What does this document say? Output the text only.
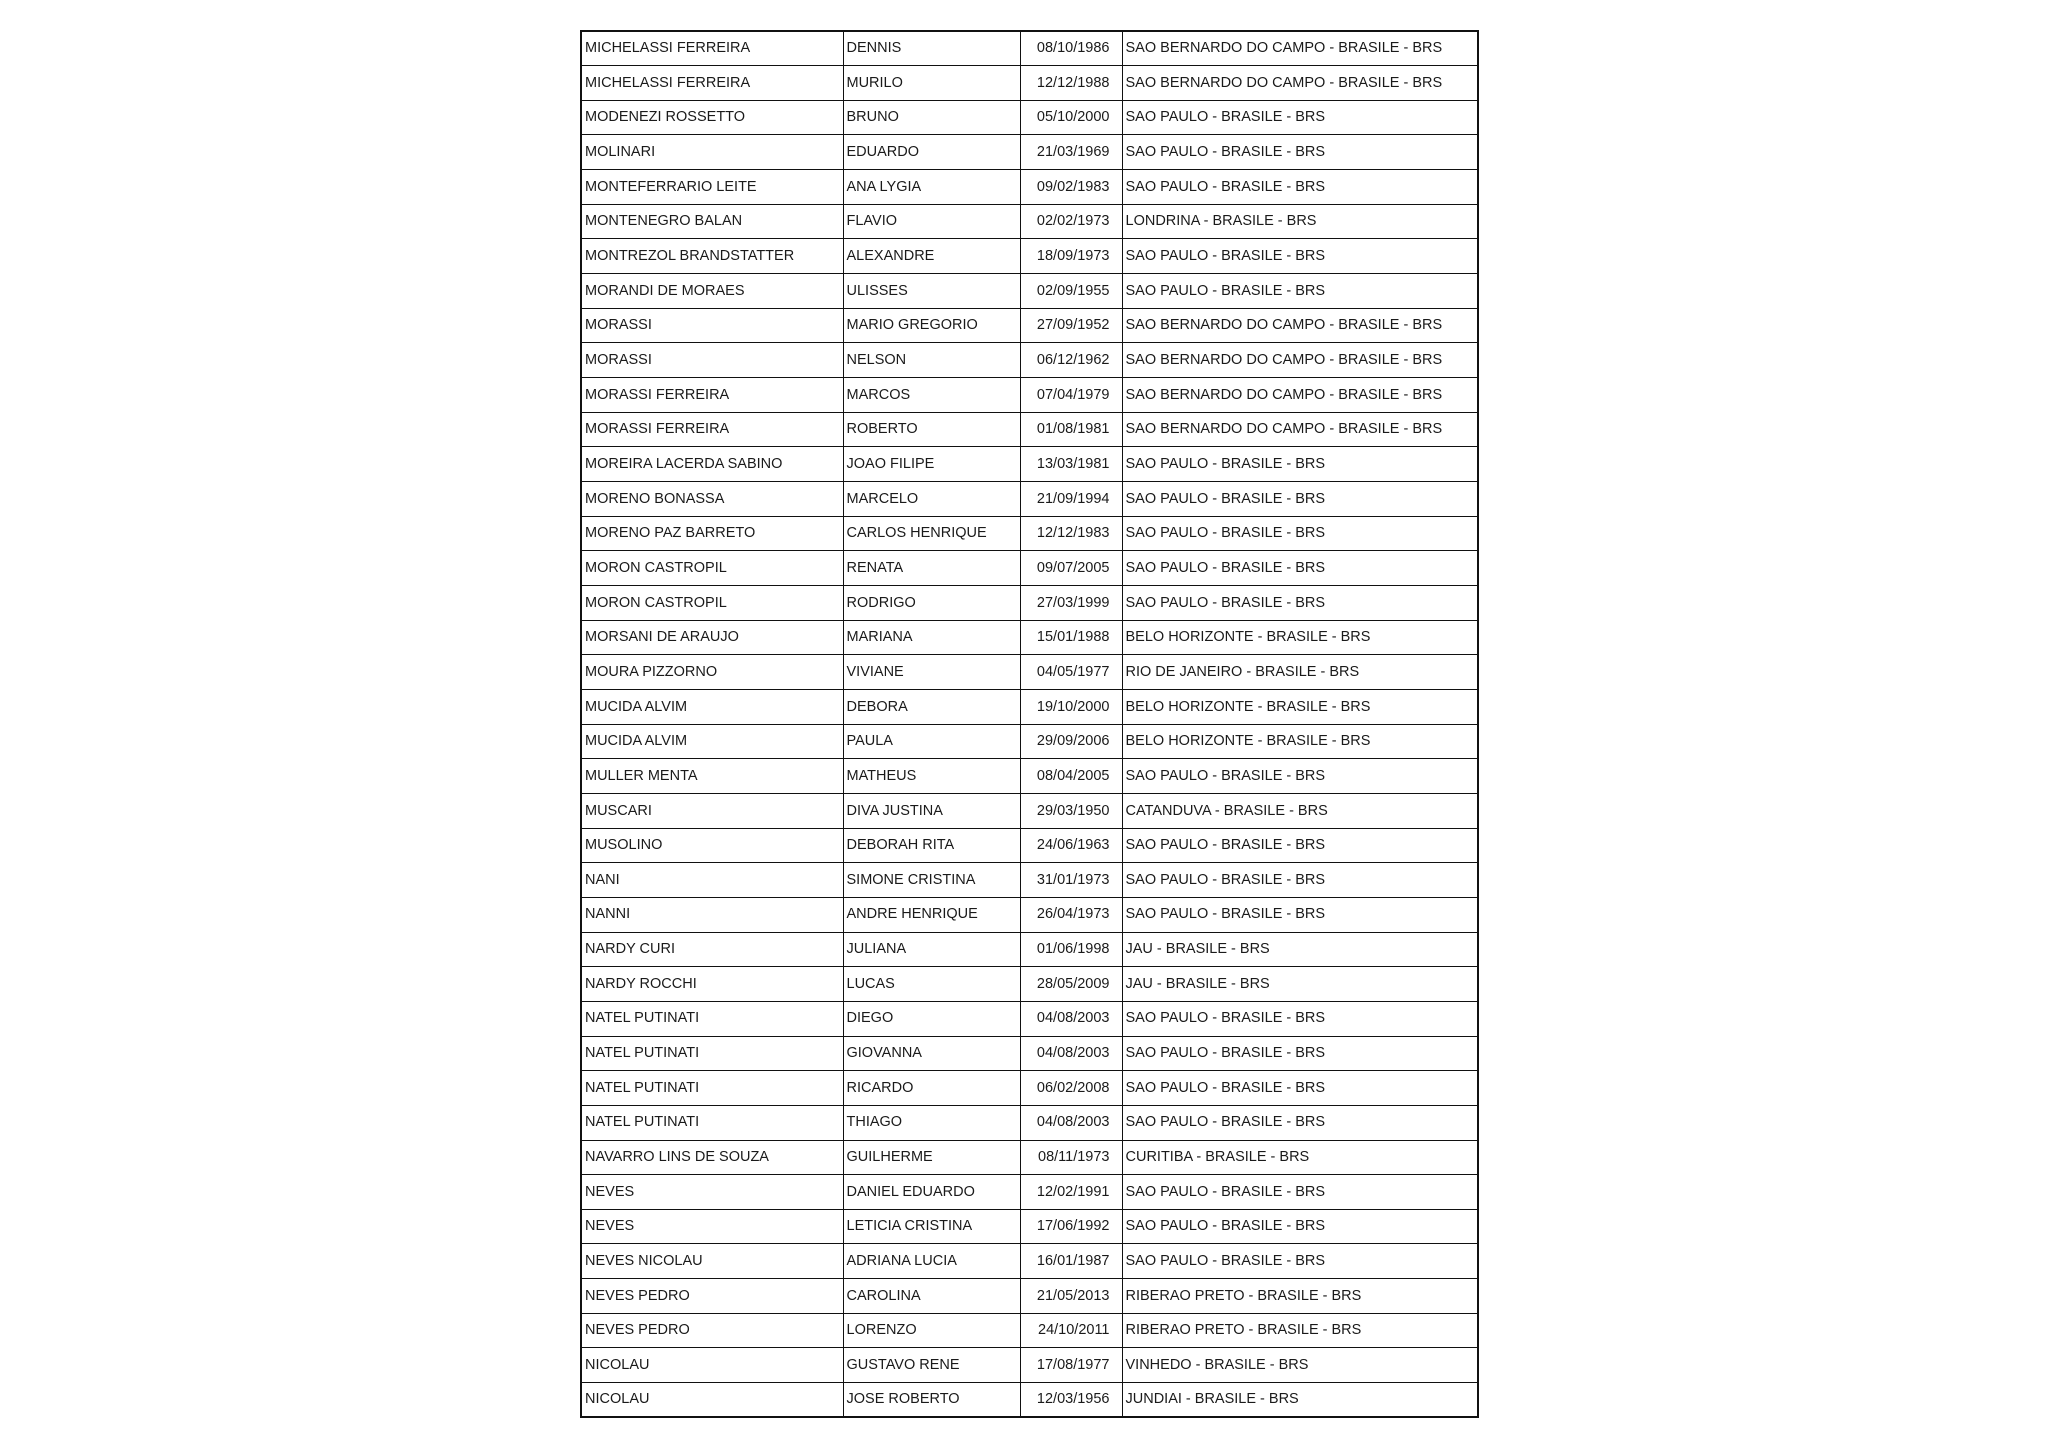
MICHELASSI FERREIRA	DENNIS	08/10/1986	SAO BERNARDO DO CAMPO - BRASILE - BRS
MICHELASSI FERREIRA	MURILO	12/12/1988	SAO BERNARDO DO CAMPO - BRASILE - BRS
MODENEZI ROSSETTO	BRUNO	05/10/2000	SAO PAULO - BRASILE - BRS
MOLINARI	EDUARDO	21/03/1969	SAO PAULO - BRASILE - BRS
MONTEFERRARIO LEITE	ANA LYGIA	09/02/1983	SAO PAULO - BRASILE - BRS
MONTENEGRO BALAN	FLAVIO	02/02/1973	LONDRINA - BRASILE - BRS
MONTREZOL BRANDSTATTER	ALEXANDRE	18/09/1973	SAO PAULO - BRASILE - BRS
MORANDI DE MORAES	ULISSES	02/09/1955	SAO PAULO - BRASILE - BRS
MORASSI	MARIO GREGORIO	27/09/1952	SAO BERNARDO DO CAMPO - BRASILE - BRS
MORASSI	NELSON	06/12/1962	SAO BERNARDO DO CAMPO - BRASILE - BRS
MORASSI FERREIRA	MARCOS	07/04/1979	SAO BERNARDO DO CAMPO - BRASILE - BRS
MORASSI FERREIRA	ROBERTO	01/08/1981	SAO BERNARDO DO CAMPO - BRASILE - BRS
MOREIRA LACERDA SABINO	JOAO FILIPE	13/03/1981	SAO PAULO - BRASILE - BRS
MORENO BONASSA	MARCELO	21/09/1994	SAO PAULO - BRASILE - BRS
MORENO PAZ BARRETO	CARLOS HENRIQUE	12/12/1983	SAO PAULO - BRASILE - BRS
MORON CASTROPIL	RENATA	09/07/2005	SAO PAULO - BRASILE - BRS
MORON CASTROPIL	RODRIGO	27/03/1999	SAO PAULO - BRASILE - BRS
MORSANI DE ARAUJO	MARIANA	15/01/1988	BELO HORIZONTE - BRASILE - BRS
MOURA PIZZORNO	VIVIANE	04/05/1977	RIO DE JANEIRO - BRASILE - BRS
MUCIDA ALVIM	DEBORA	19/10/2000	BELO HORIZONTE - BRASILE - BRS
MUCIDA ALVIM	PAULA	29/09/2006	BELO HORIZONTE - BRASILE - BRS
MULLER MENTA	MATHEUS	08/04/2005	SAO PAULO - BRASILE - BRS
MUSCARI	DIVA JUSTINA	29/03/1950	CATANDUVA - BRASILE - BRS
MUSOLINO	DEBORAH RITA	24/06/1963	SAO PAULO - BRASILE - BRS
NANI	SIMONE CRISTINA	31/01/1973	SAO PAULO - BRASILE - BRS
NANNI	ANDRE HENRIQUE	26/04/1973	SAO PAULO - BRASILE - BRS
NARDY CURI	JULIANA	01/06/1998	JAU - BRASILE - BRS
NARDY ROCCHI	LUCAS	28/05/2009	JAU - BRASILE - BRS
NATEL PUTINATI	DIEGO	04/08/2003	SAO PAULO - BRASILE - BRS
NATEL PUTINATI	GIOVANNA	04/08/2003	SAO PAULO - BRASILE - BRS
NATEL PUTINATI	RICARDO	06/02/2008	SAO PAULO - BRASILE - BRS
NATEL PUTINATI	THIAGO	04/08/2003	SAO PAULO - BRASILE - BRS
NAVARRO LINS DE SOUZA	GUILHERME	08/11/1973	CURITIBA - BRASILE - BRS
NEVES	DANIEL EDUARDO	12/02/1991	SAO PAULO - BRASILE - BRS
NEVES	LETICIA CRISTINA	17/06/1992	SAO PAULO - BRASILE - BRS
NEVES NICOLAU	ADRIANA LUCIA	16/01/1987	SAO PAULO - BRASILE - BRS
NEVES PEDRO	CAROLINA	21/05/2013	RIBERAO PRETO - BRASILE - BRS
NEVES PEDRO	LORENZO	24/10/2011	RIBERAO PRETO - BRASILE - BRS
NICOLAU	GUSTAVO RENE	17/08/1977	VINHEDO - BRASILE - BRS
NICOLAU	JOSE ROBERTO	12/03/1956	JUNDIAI - BRASILE - BRS
